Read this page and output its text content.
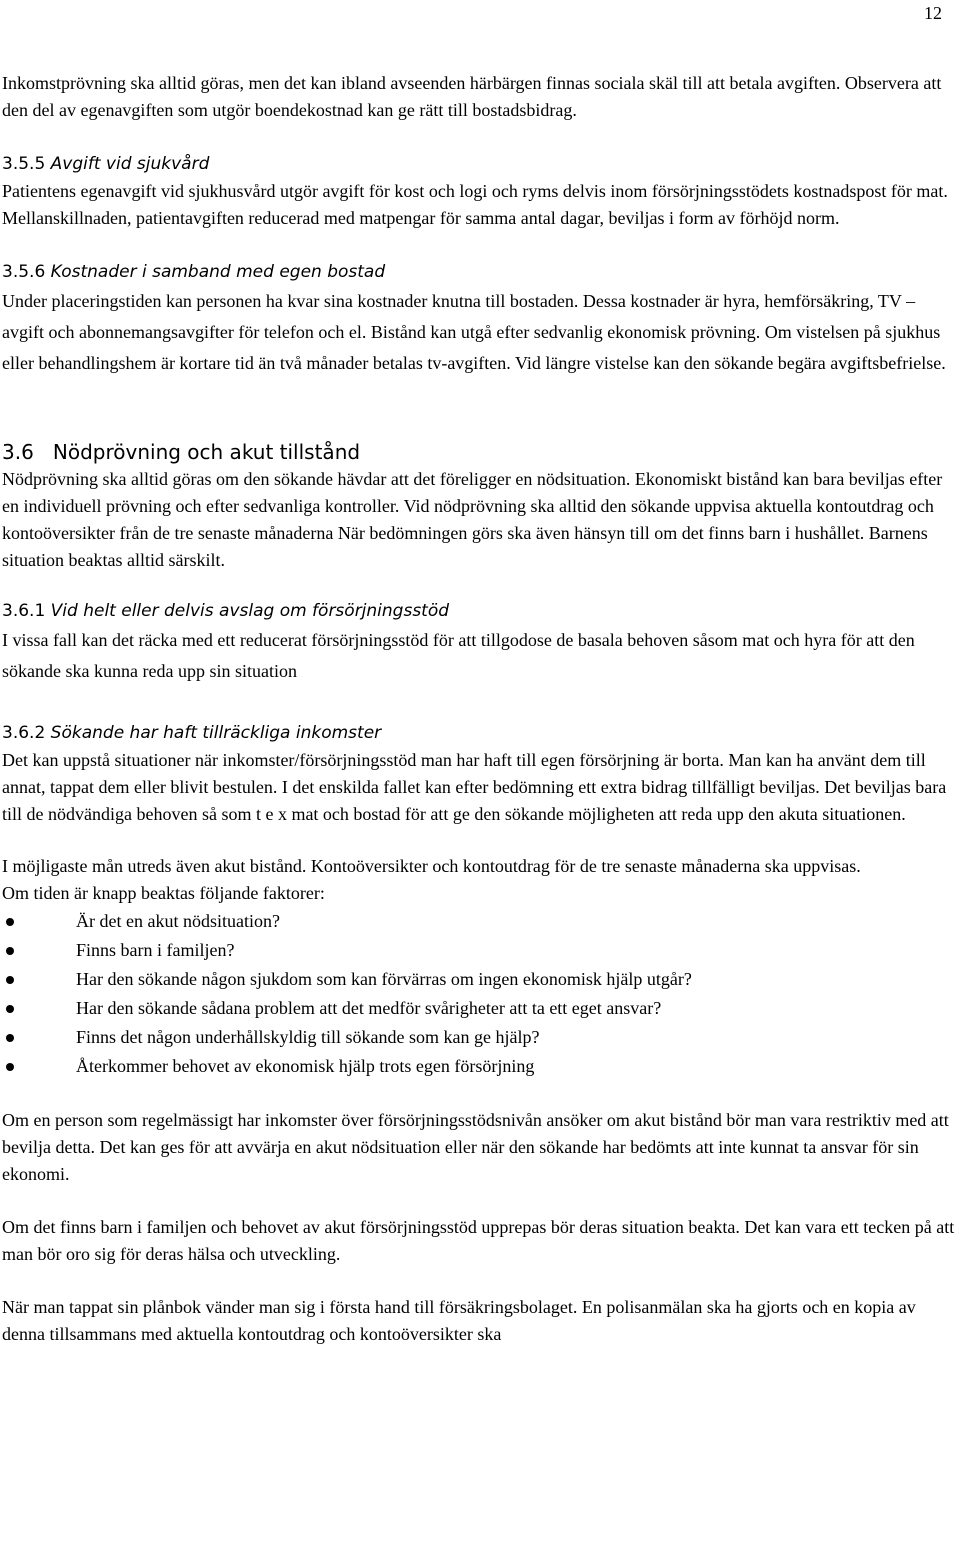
12

Inkomstprövning ska alltid göras, men det kan ibland avseenden härbärgen finnas sociala skäl till att betala avgiften. Observera att den del av egenavgiften som utgör boendekostnad kan ge rätt till bostadsbidrag.

3.5.5 Avgift vid sjukvård

Patientens egenavgift vid sjukhusvård utgör avgift för kost och logi och ryms delvis inom försörjningsstödets kostnadspost för mat. Mellanskillnaden, patientavgiften reducerad med matpengar för samma antal dagar, beviljas i form av förhöjd norm.

3.5.6 Kostnader i samband med egen bostad

Under placeringstiden kan personen ha kvar sina kostnader knutna till bostaden. Dessa kostnader är hyra, hemförsäkring, TV – avgift och abonnemangsavgifter för telefon och el. Bistånd kan utgå efter sedvanlig ekonomisk prövning. Om vistelsen på sjukhus eller behandlingshem är kortare tid än två månader betalas tv-avgiften. Vid längre vistelse kan den sökande begära avgiftsbefrielse.

3.6 Nödprövning och akut tillstånd

Nödprövning ska alltid göras om den sökande hävdar att det föreligger en nödsituation. Ekonomiskt bistånd kan bara beviljas efter en individuell prövning och efter sedvanliga kontroller. Vid nödprövning ska alltid den sökande uppvisa aktuella kontoutdrag och kontoöversikter från de tre senaste månaderna När bedömningen görs ska även hänsyn till om det finns barn i hushållet. Barnens situation beaktas alltid särskilt.

3.6.1 Vid helt eller delvis avslag om försörjningsstöd

I vissa fall kan det räcka med ett reducerat försörjningsstöd för att tillgodose de basala behoven såsom mat och hyra för att den sökande ska kunna reda upp sin situation

3.6.2 Sökande har haft tillräckliga inkomster

Det kan uppstå situationer när inkomster/försörjningsstöd man har haft till egen försörjning är borta. Man kan ha använt dem till annat, tappat dem eller blivit bestulen. I det enskilda fallet kan efter bedömning ett extra bidrag tillfälligt beviljas. Det beviljas bara till de nödvändiga behoven så som t e x mat och bostad för att ge den sökande möjligheten att reda upp den akuta situationen.

I möjligaste mån utreds även akut bistånd. Kontoöversikter och kontoutdrag för de tre senaste månaderna ska uppvisas.

Om tiden är knapp beaktas följande faktorer:

Är det en akut nödsituation?
Finns barn i familjen?
Har den sökande någon sjukdom som kan förvärras om ingen ekonomisk hjälp utgår?
Har den sökande sådana problem att det medför svårigheter att ta ett eget ansvar?
Finns det någon underhållskyldig till sökande som kan ge hjälp?
Återkommer behovet av ekonomisk hjälp trots egen försörjning

Om en person som regelmässigt har inkomster över försörjningsstödsnivån ansöker om akut bistånd bör man vara restriktiv med att bevilja detta. Det kan ges för att avvärja en akut nödsituation eller när den sökande har bedömts att inte kunnat ta ansvar för sin ekonomi.

Om det finns barn i familjen och behovet av akut försörjningsstöd upprepas bör deras situation beakta. Det kan vara ett tecken på att man bör oro sig för deras hälsa och utveckling.

När man tappat sin plånbok vänder man sig i första hand till försäkringsbolaget. En polisanmälan ska ha gjorts och en kopia av denna tillsammans med aktuella kontoutdrag och kontoöversikter ska
